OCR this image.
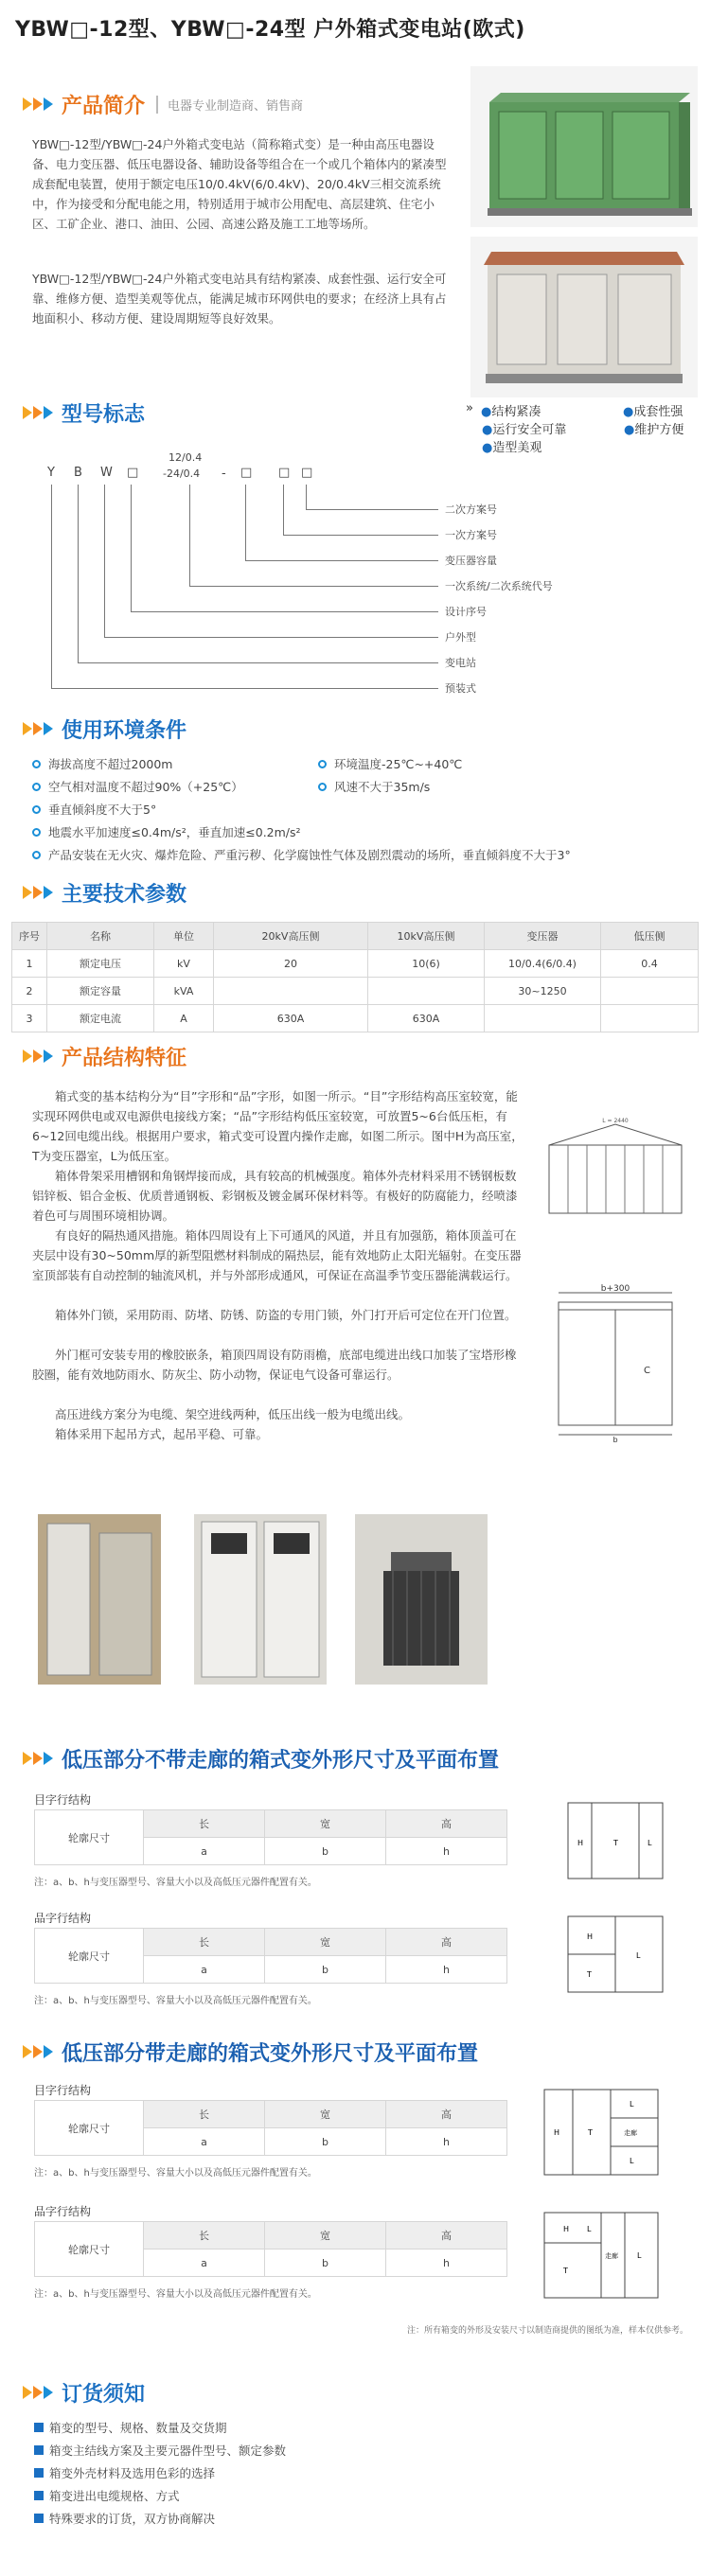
YBW□-12型、YBW□-24型 户外箱式变电站(欧式)
产品简介	电器专业制造商、销售商
YBW□-12型/YBW□-24户外箱式变电站（简称箱式变）是一种由高压电器设备、电力变压器、低压电器设备、辅助设备等组合在一个或几个箱体内的紧凑型成套配电装置，使用于额定电压10/0.4kV(6/0.4kV)、20/0.4kV三相交流系统中，作为接受和分配电能之用，特别适用于城市公用配电、高层建筑、住宅小区、工矿企业、港口、油田、公园、高速公路及施工工地等场所。
YBW□-12型/YBW□-24户外箱式变电站具有结构紧凑、成套性强、运行安全可靠、维修方便、造型美观等优点，能满足城市环网供电的要求；在经济上具有占地面积小、移动方便、建设周期短等良好效果。
型号标志	» ●结构紧凑	●成套性强
●运行安全可靠	●维护方便
●造型美观
Y B W □
12/0.4
-24/0.4 - □ □ □
二次方案号
一次方案号
变压器容量
一次系统/二次系统代号
设计序号
户外型
变电站
预装式
使用环境条件
海拔高度不超过2000m	环境温度-25℃~+40℃
空气相对温度不超过90%（+25℃）	风速不大于35m/s
垂直倾斜度不大于5°
地震水平加速度≤0.4m/s²，垂直加速≤0.2m/s²
产品安装在无火灾、爆炸危险、严重污秽、化学腐蚀性气体及剧烈震动的场所，垂直倾斜度不大于3°
主要技术参数
序号	名称	单位	20kV高压侧	10kV高压侧	变压器	低压侧
1	额定电压	kV	20	10(6)	10/0.4(6/0.4)	0.4
2	额定容量	kVA			30~1250	
3	额定电流	A	630A	630A		
产品结构特征
箱式变的基本结构分为“目”字形和“品”字形，如图一所示。“目”字形结构高压室较宽，能实现环网供电或双电源供电接线方案；“品”字形结构低压室较宽，可放置5~6台低压柜，有6~12回电缆出线。根据用户要求，箱式变可设置内操作走廊，如图二所示。图中H为高压室，T为变压器室，L为低压室。
箱体骨架采用槽钢和角钢焊接而成，具有较高的机械强度。箱体外壳材料采用不锈钢板数铝锌板、铝合金板、优质普通钢板、彩钢板及镀金属环保材料等。有极好的防腐能力，经喷漆着色可与周围环境相协调。
有良好的隔热通风措施。箱体四周设有上下可通风的风道，并且有加强筋，箱体顶盖可在夹层中设有30~50mm厚的新型阻燃材料制成的隔热层，能有效地防止太阳光辐射。在变压器室顶部装有自动控制的轴流风机，并与外部形成通风，可保证在高温季节变压器能满载运行。
箱体外门锁，采用防雨、防堵、防锈、防盗的专用门锁，外门打开后可定位在开门位置。
外门框可安装专用的橡胶嵌条，箱顶四周设有防雨檐，底部电缆进出线口加装了宝塔形橡胶圈，能有效地防雨水、防灰尘、防小动物，保证电气设备可靠运行。
高压进线方案分为电缆、架空进线两种，低压出线一般为电缆出线。
箱体采用下起吊方式，起吊平稳、可靠。
L = 2440
b+300
C
b
低压部分不带走廊的箱式变外形尺寸及平面布置
目字行结构
轮廓尺寸	长	宽	高
	a	b	h
注：a、b、h与变压器型号、容量大小以及高低压元器件配置有关。
品字行结构
轮廓尺寸	长	宽	高
	a	b	h
注：a、b、h与变压器型号、容量大小以及高低压元器件配置有关。
H	T	L
H
T
L
低压部分带走廊的箱式变外形尺寸及平面布置
目字行结构
轮廓尺寸	长	宽	高
	a	b	h
注：a、b、h与变压器型号、容量大小以及高低压元器件配置有关。
品字行结构
轮廓尺寸	长	宽	高
	a	b	h
注：a、b、h与变压器型号、容量大小以及高低压元器件配置有关。
H	T
L
走廊
L
H L
T
走廊	L
注：所有箱变的外形及安装尺寸以制造商提供的图纸为准，样本仅供参考。
订货须知
箱变的型号、规格、数量及交货期
箱变主结线方案及主要元器件型号、额定参数
箱变外壳材料及选用色彩的选择
箱变进出电缆规格、方式
特殊要求的订货，双方协商解决
